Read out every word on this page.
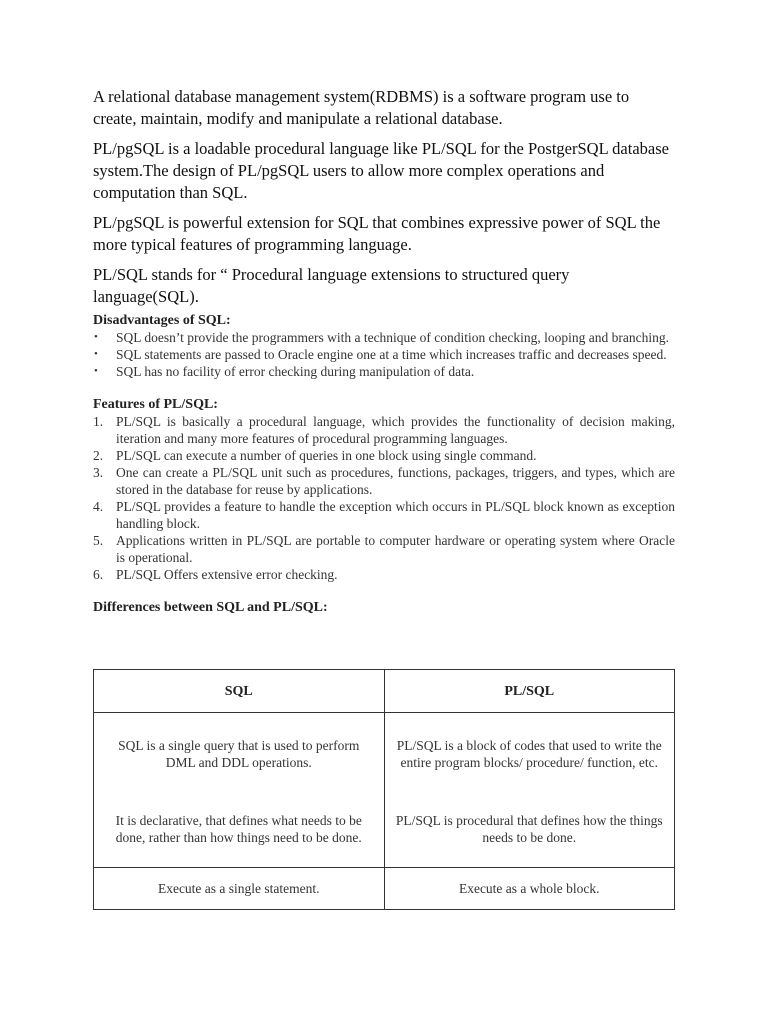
A relational database management system(RDBMS) is a software program use to create, maintain, modify and manipulate a relational database.

PL/pgSQL is a loadable procedural language like PL/SQL for the PostgerSQL database system.The design of PL/pgSQL users to allow more complex operations and computation than SQL.

PL/pgSQL is powerful extension for SQL that combines expressive power of SQL the more typical features of programming language.

PL/SQL stands for “ Procedural language extensions to structured query language(SQL).

Disadvantages of SQL:

•	SQL doesn’t provide the programmers with a technique of condition checking, looping and branching.
•	SQL statements are passed to Oracle engine one at a time which increases traffic and decreases speed.
•	SQL has no facility of error checking during manipulation of data.

Features of PL/SQL:

1. PL/SQL is basically a procedural language, which provides the functionality of decision making, iteration and many more features of procedural programming languages.
2. PL/SQL can execute a number of queries in one block using single command.
3. One can create a PL/SQL unit such as procedures, functions, packages, triggers, and types, which are stored in the database for reuse by applications.
4. PL/SQL provides a feature to handle the exception which occurs in PL/SQL block known as exception handling block.
5. Applications written in PL/SQL are portable to computer hardware or operating system where Oracle is operational.
6. PL/SQL Offers extensive error checking.

Differences between SQL and PL/SQL:

SQL	PL/SQL
SQL is a single query that is used to perform DML and DDL operations.	PL/SQL is a block of codes that used to write the entire program blocks/ procedure/ function, etc.
It is declarative, that defines what needs to be done, rather than how things need to be done.	PL/SQL is procedural that defines how the things needs to be done.
Execute as a single statement.	Execute as a whole block.
